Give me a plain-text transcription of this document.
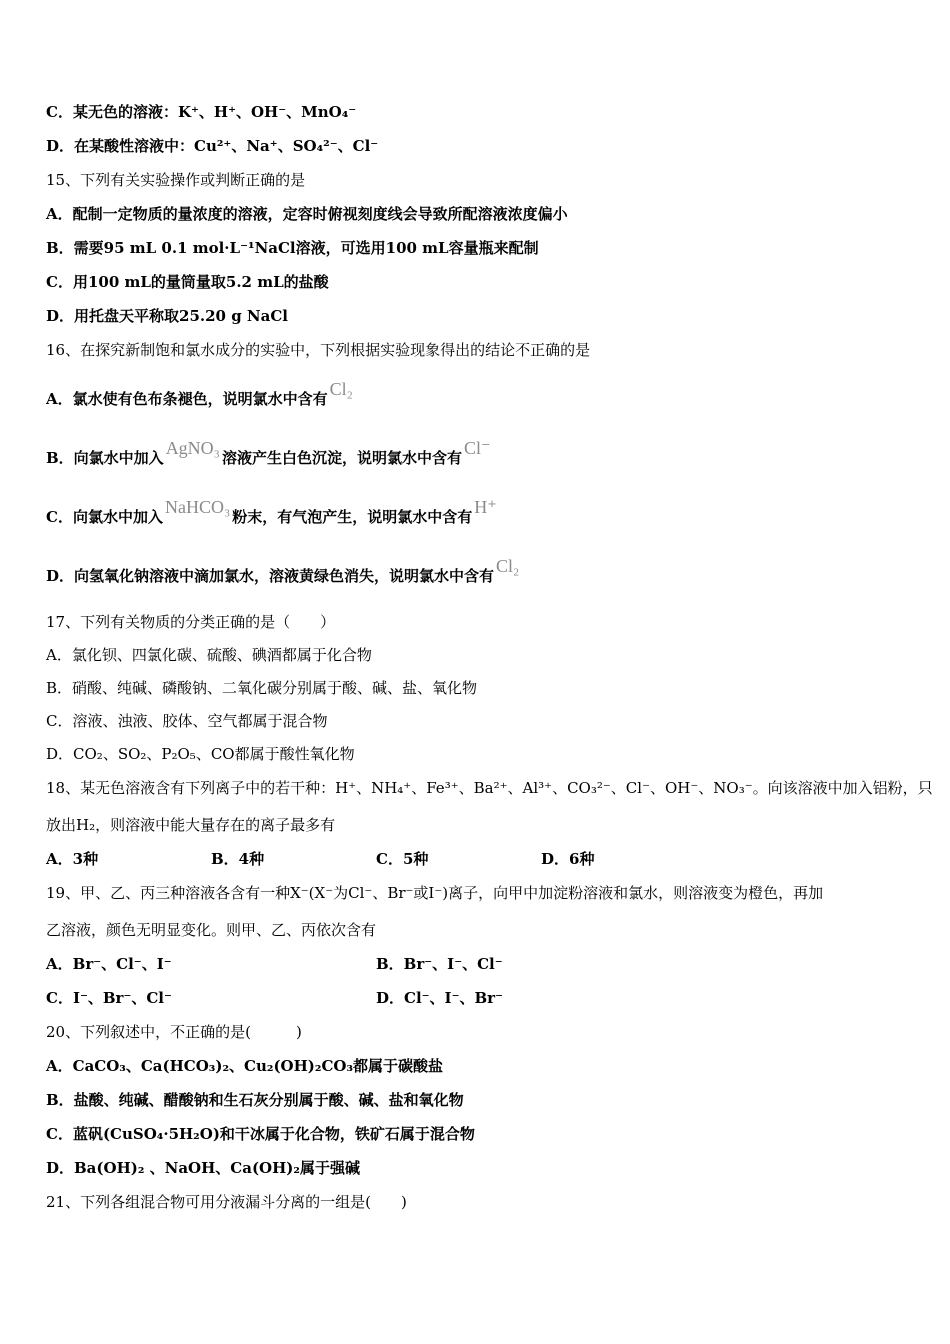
C．某无色的溶液：K⁺、H⁺、OH⁻、MnO₄⁻
D．在某酸性溶液中：Cu²⁺、Na⁺、SO₄²⁻、Cl⁻
15、下列有关实验操作或判断正确的是
A．配制一定物质的量浓度的溶液，定容时俯视刻度线会导致所配溶液浓度偏小
B．需要95 mL 0.1 mol·L⁻¹NaCl溶液，可选用100 mL容量瓶来配制
C．用100 mL的量筒量取5.2 mL的盐酸
D．用托盘天平称取25.20 g NaCl
16、在探究新制饱和氯水成分的实验中，下列根据实验现象得出的结论不正确的是
A．氯水使有色布条褪色，说明氯水中含有 Cl₂
B．向氯水中加入 AgNO₃ 溶液产生白色沉淀，说明氯水中含有 Cl⁻
C．向氯水中加入 NaHCO₃ 粉末，有气泡产生，说明氯水中含有 H⁺
D．向氢氧化钠溶液中滴加氯水，溶液黄绿色消失，说明氯水中含有 Cl₂
17、下列有关物质的分类正确的是（　　）
A．氯化钡、四氯化碳、硫酸、碘酒都属于化合物
B．硝酸、纯碱、磷酸钠、二氧化碳分别属于酸、碱、盐、氧化物
C．溶液、浊液、胶体、空气都属于混合物
D．CO₂、SO₂、P₂O₅、CO都属于酸性氧化物
18、某无色溶液含有下列离子中的若干种：H⁺、NH₄⁺、Fe³⁺、Ba²⁺、Al³⁺、CO₃²⁻、Cl⁻、OH⁻、NO₃⁻。向该溶液中加入铝粉，只
放出H₂，则溶液中能大量存在的离子最多有
A．3种	B．4种	C．5种	D．6种
19、甲、乙、丙三种溶液各含有一种X⁻(X⁻为Cl⁻、Br⁻或I⁻)离子，向甲中加淀粉溶液和氯水，则溶液变为橙色，再加
乙溶液，颜色无明显变化。则甲、乙、丙依次含有
A．Br⁻、Cl⁻、I⁻	B．Br⁻、I⁻、Cl⁻
C．I⁻、Br⁻、Cl⁻	D．Cl⁻、I⁻、Br⁻
20、下列叙述中，不正确的是(　　　)
A．CaCO₃、Ca(HCO₃)₂、Cu₂(OH)₂CO₃都属于碳酸盐
B．盐酸、纯碱、醋酸钠和生石灰分别属于酸、碱、盐和氧化物
C．蓝矾(CuSO₄·5H₂O)和干冰属于化合物，铁矿石属于混合物
D．Ba(OH)₂ 、NaOH、Ca(OH)₂属于强碱
21、下列各组混合物可用分液漏斗分离的一组是(　　)
